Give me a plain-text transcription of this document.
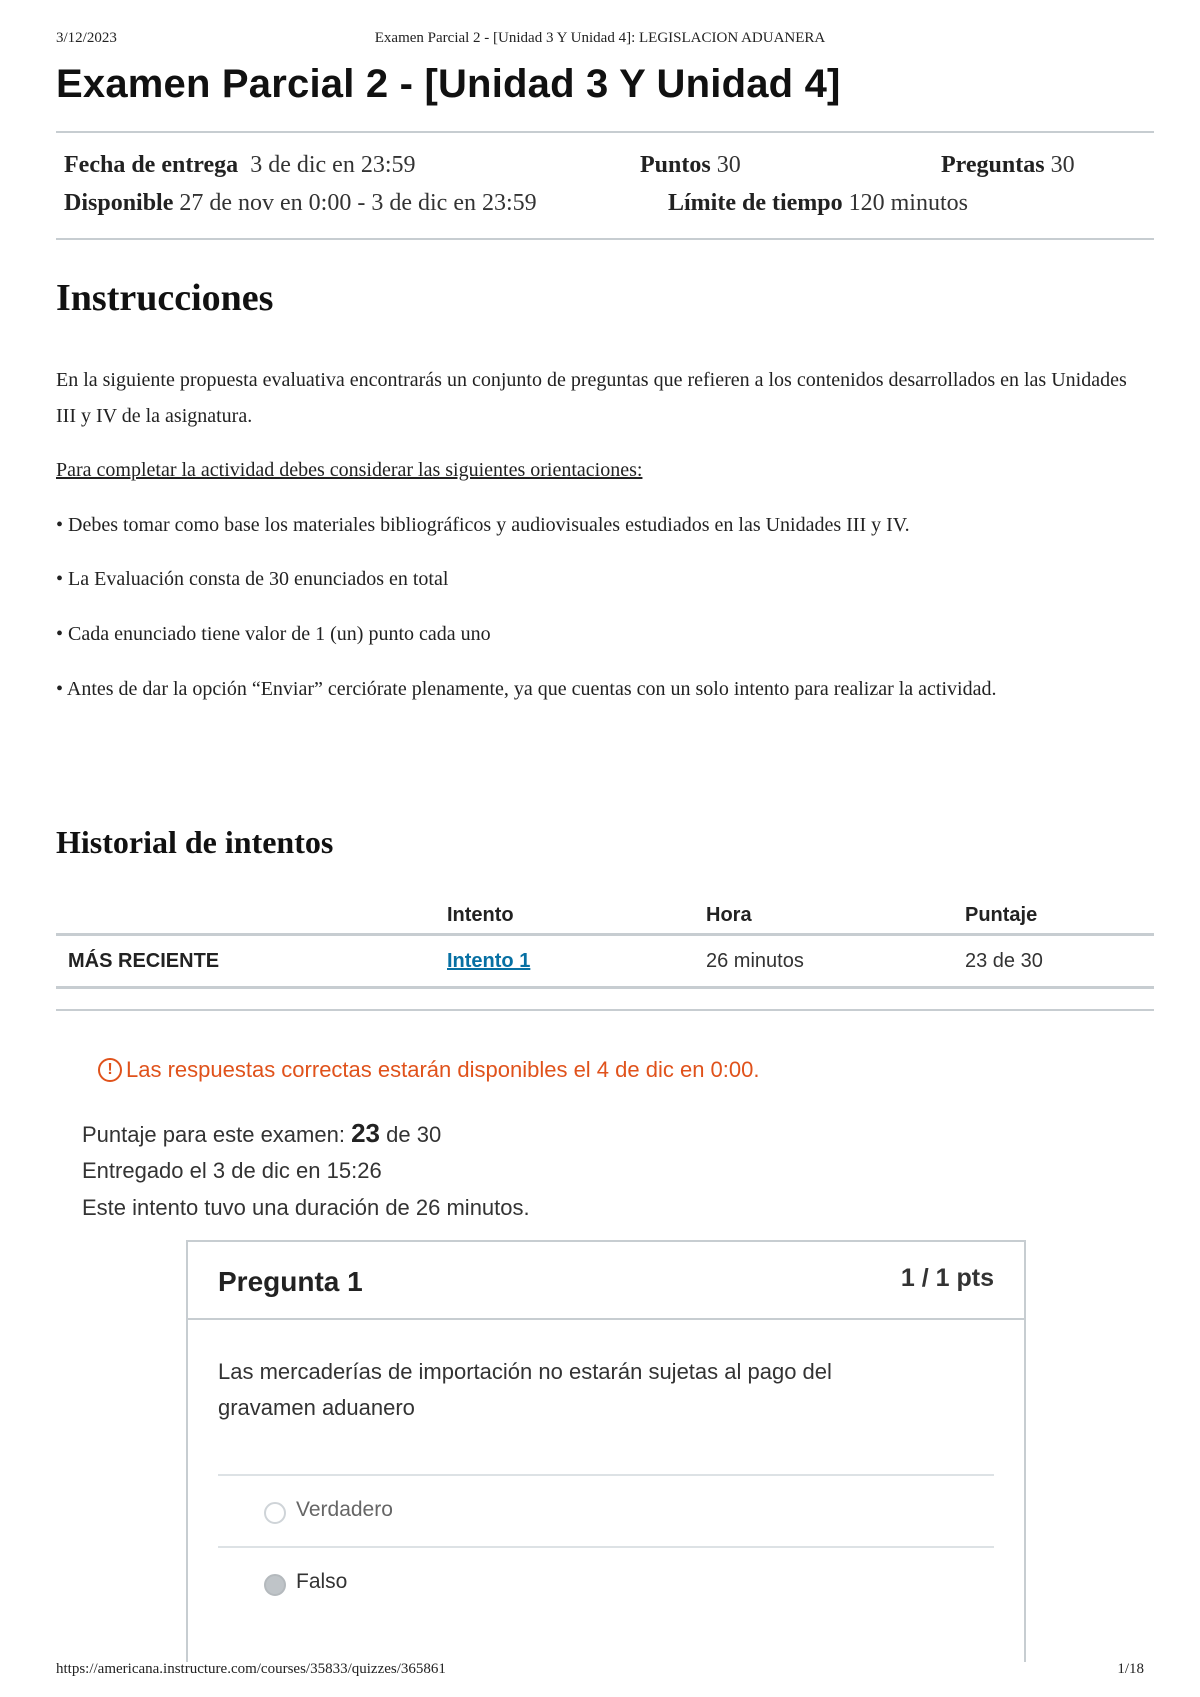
3/12/2023	Examen Parcial 2 - [Unidad 3 Y Unidad 4]: LEGISLACION ADUANERA
Examen Parcial 2 - [Unidad 3 Y Unidad 4]
Fecha de entrega 3 de dic en 23:59	Puntos 30	Preguntas 30
Disponible 27 de nov en 0:00 - 3 de dic en 23:59	Límite de tiempo 120 minutos
Instrucciones

En la siguiente propuesta evaluativa encontrarás un conjunto de preguntas que refieren a los contenidos desarrollados en las Unidades III y IV de la asignatura.

Para completar la actividad debes considerar las siguientes orientaciones:

• Debes tomar como base los materiales bibliográficos y audiovisuales estudiados en las Unidades III y IV.

• La Evaluación consta de 30 enunciados en total

• Cada enunciado tiene valor de 1 (un) punto cada uno

• Antes de dar la opción “Enviar” cerciórate plenamente, ya que cuentas con un solo intento para realizar la actividad.

Historial de intentos
	Intento	Hora	Puntaje
MÁS RECIENTE	Intento 1	26 minutos	23 de 30
! Las respuestas correctas estarán disponibles el 4 de dic en 0:00.
Puntaje para este examen: 23 de 30
Entregado el 3 de dic en 15:26
Este intento tuvo una duración de 26 minutos.
Pregunta 1	1 / 1 pts
Las mercaderías de importación no estarán sujetas al pago del gravamen aduanero
Verdadero
Falso
https://americana.instructure.com/courses/35833/quizzes/365861	1/18
